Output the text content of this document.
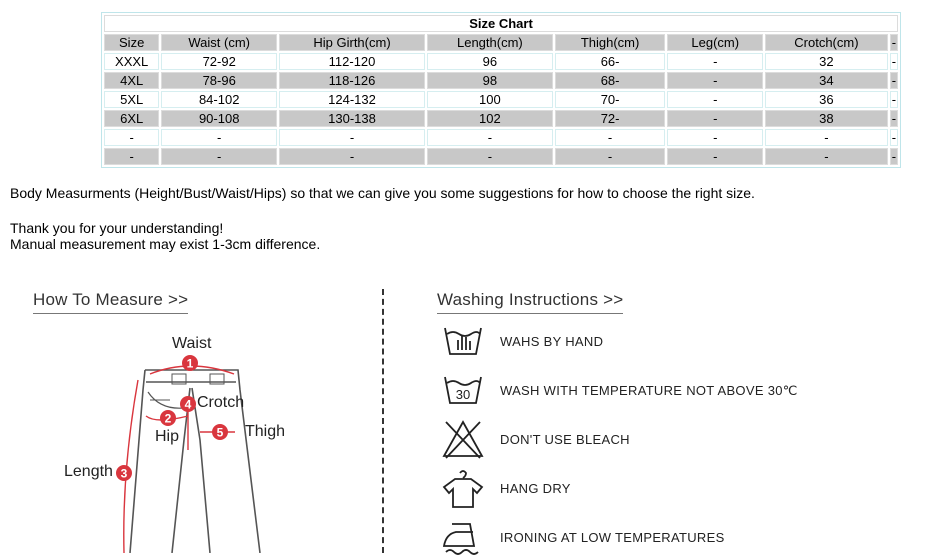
Size Chart							
Size	Waist (cm)	Hip Girth(cm)	Length(cm)	Thigh(cm)	Leg(cm)	Crotch(cm)	-
XXXL	72-92	112-120	96	66-	-	32	-
4XL	78-96	118-126	98	68-	-	34	-
5XL	84-102	124-132	100	70-	-	36	-
6XL	90-108	130-138	102	72-	-	38	-
-	-	-	-	-	-	-	-
-	-	-	-	-	-	-	-
Body Measurments (Height/Bust/Waist/Hips) so that we can give you some suggestions for how to choose the right size.
Thank you for your understanding!
Manual measurement may exist 1-3cm difference.
How To Measure >>
1
2
3
4
5
Waist
Crotch
Hip	Thigh
Length
Washing Instructions >>
WAHS BY HAND
30 WASH WITH TEMPERATURE NOT ABOVE 30℃
DON'T USE BLEACH
HANG DRY
IRONING AT LOW TEMPERATURES
